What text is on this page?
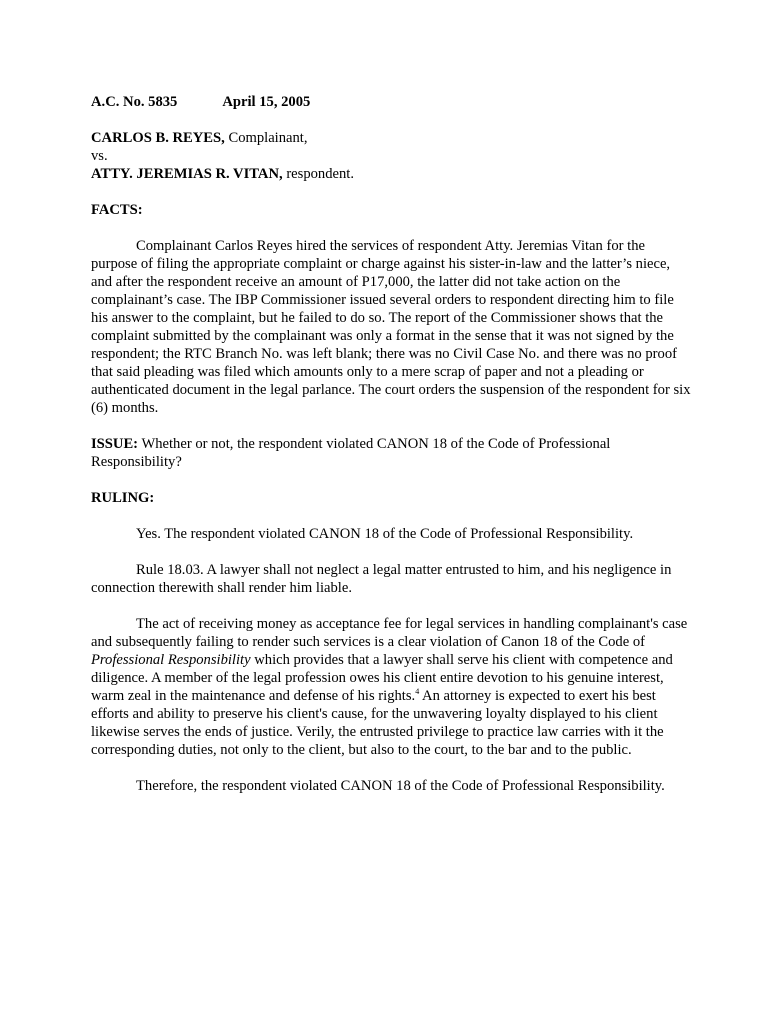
A.C. No. 5835	April 15, 2005

CARLOS B. REYES, Complainant,

vs.

ATTY. JEREMIAS R. VITAN, respondent.

FACTS:

Complainant Carlos Reyes hired the services of respondent Atty. Jeremias Vitan for the purpose of filing the appropriate complaint or charge against his sister-in-law and the latter’s niece, and after the respondent receive an amount of P17,000, the latter did not take action on the complainant’s case. The IBP Commissioner issued several orders to respondent directing him to file his answer to the complaint, but he failed to do so. The report of the Commissioner shows that the complaint submitted by the complainant was only a format in the sense that it was not signed by the respondent; the RTC Branch No. was left blank; there was no Civil Case No. and there was no proof that said pleading was filed which amounts only to a mere scrap of paper and not a pleading or authenticated document in the legal parlance. The court orders the suspension of the respondent for six (6) months.

ISSUE: Whether or not, the respondent violated CANON 18 of the Code of Professional Responsibility?

RULING:

Yes. The respondent violated CANON 18 of the Code of Professional Responsibility.

Rule 18.03. A lawyer shall not neglect a legal matter entrusted to him, and his negligence in connection therewith shall render him liable.

The act of receiving money as acceptance fee for legal services in handling complainant's case and subsequently failing to render such services is a clear violation of Canon 18 of the Code of Professional Responsibility which provides that a lawyer shall serve his client with competence and diligence. A member of the legal profession owes his client entire devotion to his genuine interest, warm zeal in the maintenance and defense of his rights.$^4$ An attorney is expected to exert his best efforts and ability to preserve his client's cause, for the unwavering loyalty displayed to his client likewise serves the ends of justice. Verily, the entrusted privilege to practice law carries with it the corresponding duties, not only to the client, but also to the court, to the bar and to the public.

Therefore, the respondent violated CANON 18 of the Code of Professional Responsibility.
